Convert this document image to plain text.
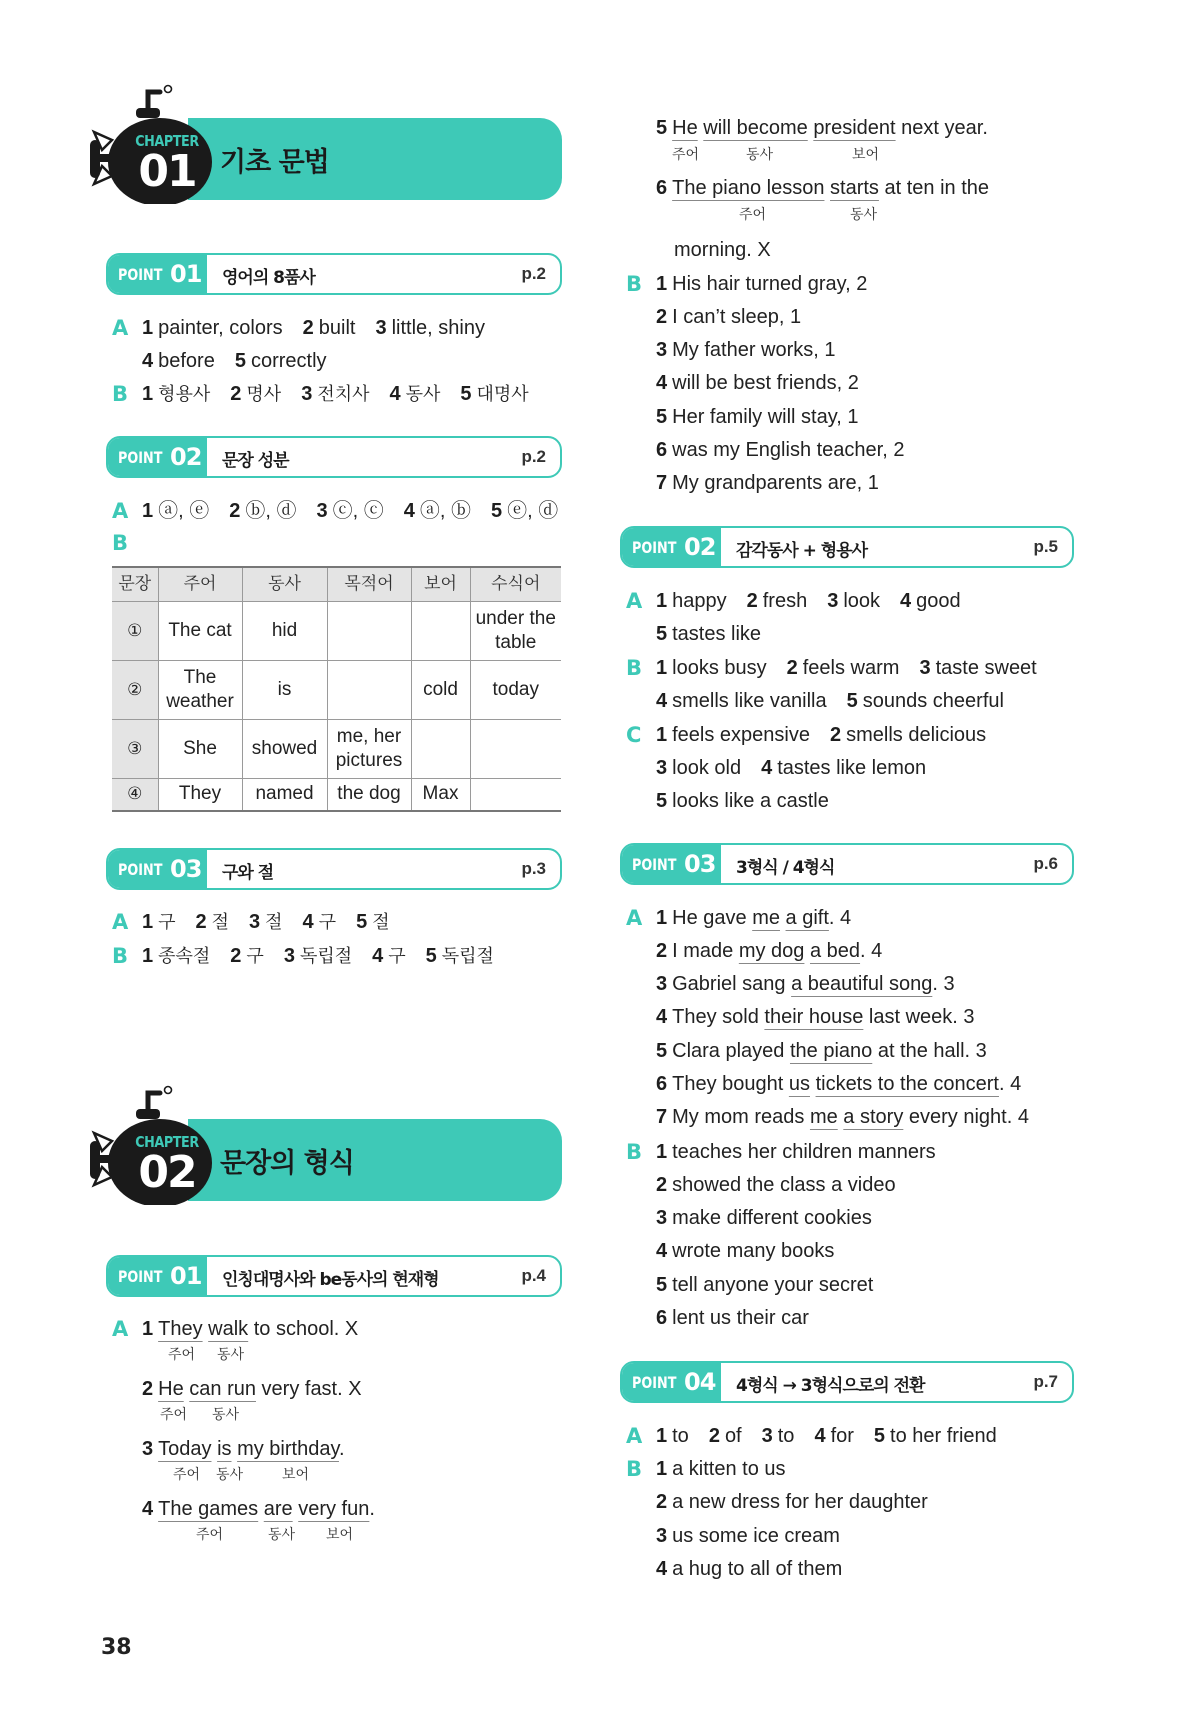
CHAPTER
01 기초 문법
POINT 01 영어의 8품사	p.2
A 1 painter, colors 2 built 3 little, shiny
4 before 5 correctly
B 1 형용사 2 명사 3 전치사 4 동사 5 대명사
POINT 02 문장 성분	p.2
A 1 ⓐ, ⓔ 2 ⓑ, ⓓ 3 ⓒ, ⓒ 4 ⓐ, ⓑ 5 ⓔ, ⓓ
B
문장	주어	동사	목적어	보어	수식어
①	The cat	hid			under the table
②	The weather	is		cold	today
③	She	showed	me, her pictures		
④	They	named	the dog	Max	
POINT 03 구와 절	p.3
A 1 구 2 절 3 절 4 구 5 절
B 1 종속절 2 구 3 독립절 4 구 5 독립절
CHAPTER
02 문장의 형식
POINT 01 인칭대명사와 be동사의 현재형	p.4
A 1 They walk to school. X
주어 동사
2 He can run very fast. X
주어 동사
3 Today is my birthday.
주어 동사	보어
4 The games are very fun.
주어	동사 보어
38
5 He will become president next year.
주어	동사	보어
6 The piano lesson starts at ten in the
주어	동사
morning. X
B 1 His hair turned gray, 2
2 I can’t sleep, 1
3 My father works, 1
4 will be best friends, 2
5 Her family will stay, 1
6 was my English teacher, 2
7 My grandparents are, 1
POINT 02 감각동사 + 형용사	p.5
A 1 happy 2 fresh 3 look 4 good
5 tastes like
B 1 looks busy 2 feels warm 3 taste sweet
4 smells like vanilla 5 sounds cheerful
C 1 feels expensive 2 smells delicious
3 look old 4 tastes like lemon
5 looks like a castle
POINT 03 3형식 / 4형식	p.6
A 1 He gave me a gift. 4
2 I made my dog a bed. 4
3 Gabriel sang a beautiful song. 3
4 They sold their house last week. 3
5 Clara played the piano at the hall. 3
6 They bought us tickets to the concert. 4
7 My mom reads me a story every night. 4
B 1 teaches her children manners
2 showed the class a video
3 make different cookies
4 wrote many books
5 tell anyone your secret
6 lent us their car
POINT 04 4형식 → 3형식으로의 전환	p.7
A 1 to 2 of 3 to 4 for 5 to her friend
B 1 a kitten to us
2 a new dress for her daughter
3 us some ice cream
4 a hug to all of them
